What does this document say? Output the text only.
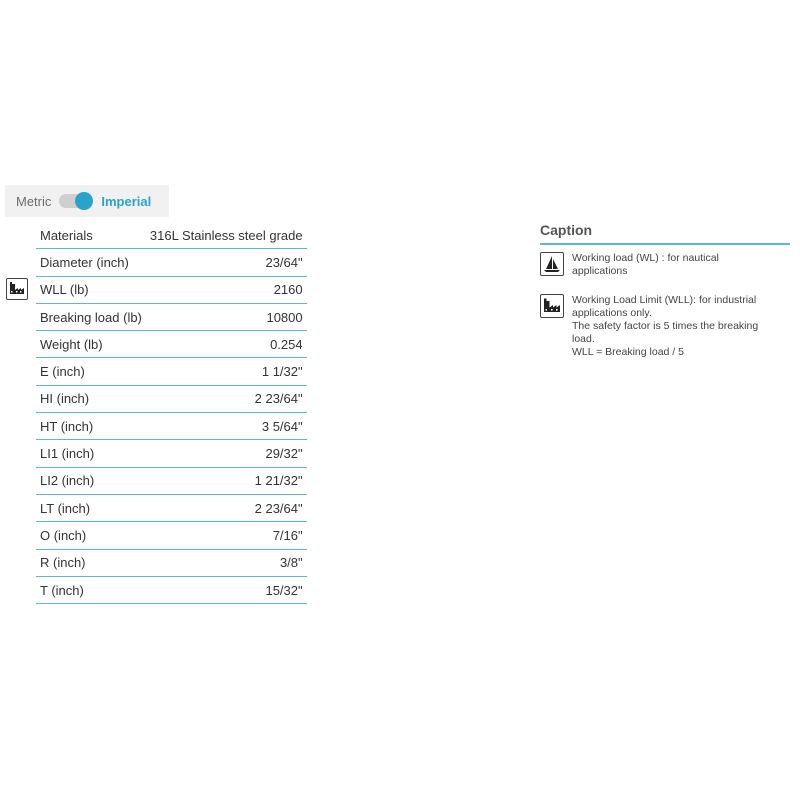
Metric	Imperial
Materials	316L Stainless steel grade
Diameter (inch)	23/64"
WLL (lb)	2160
Breaking load (lb)	10800
Weight (lb)	0.254
E (inch)	1 1/32"
HI (inch)	2 23/64"
HT (inch)	3 5/64"
LI1 (inch)	29/32"
LI2 (inch)	1 21/32"
LT (inch)	2 23/64"
O (inch)	7/16"
R (inch)	3/8"
T (inch)	15/32"
Caption
Working load (WL) : for nautical
applications
Working Load Limit (WLL): for industrial
applications only.
The safety factor is 5 times the breaking
load.
WLL = Breaking load / 5
